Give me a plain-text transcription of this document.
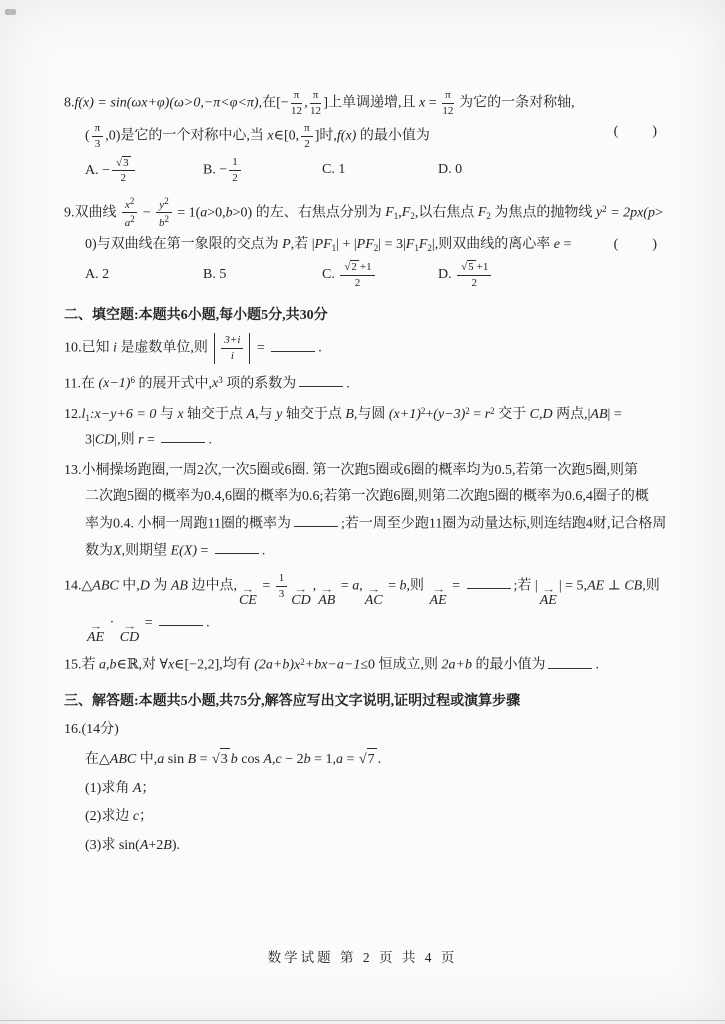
8.f(x) = sin(ωx+φ)(ω>0,−π<φ<π),在[− $\frac{\pi}{12}$ , $\frac{\pi}{12}$ ]上单调递增,且 $x = \frac{\pi}{12}$ 为它的一条对称轴,
( $\frac{\pi}{3} ,0$)是它的一个对称中心,当 x∈[0, $\frac{\pi}{2}$ ]时,f(x) 的最小值为	(　　)
A. − $\frac{√3}{2}$	B. − $\frac{1}{2}$	C. 1	D. 0
9.双曲线 $\frac{x^2}{a^2} - \frac{y^2}{b^2} = 1(a>0,b>0)$ 的左、右焦点分别为 $F_1,F_2$,以右焦点 $F_2$ 为焦点的抛物线 $y^2 = 2px(p>$
0)与双曲线在第一象限的交点为 P,若 $|PF_1| + |PF_2| = 3|F_1F_2|$,则双曲线的离心率 e =	(　　)
A. 2	B. 5	C. $\frac{√2 +1}{2}$	D. $\frac{√5 +1}{2}$
二、填空题:本题共6小题,每小题5分,共30分
10.已知 i 是虚数单位,则 $\frac{3+i}{i}$ =	.
11.在 $(x-1)^6$ 的展开式中$,x^3$ 项的系数为	.
$12.l_1:x-y+6 = 0$ 与 x 轴交于点 A,与 y 轴交于点 B,与圆 $(x+1)^2+(y-3)^2 = r^2$ 交于 C,D 两点,|AB| =
3|CD|,则 r =	.
13.小桐操场跑圈,一周2次,一次5圈或6圈. 第一次跑5圈或6圈的概率均为0.5,若第一次跑5圈,则第
二次跑5圈的概率为0.4,6圈的概率为0.6;若第一次跑6圈,则第二次跑5圈的概率为0.6,4圈子的概
率为0.4. 小桐一周跑11圈的概率为	;若一周至少跑11圈为动量达标,则连结跑4财,记合格周
数为X,则期望 E(X) =	.
14.△ABC 中,D 为 AB 边中点, →
CE
= $\frac{1}{3}$ →
CD
, →
AB
= a, →
AC
= b,则 →
AE
=	;若 | →
AE
| = 5,AE ⊥ CB,则
→
AE
· →
CD
=	.
15.若 a,b∈ℝ,对 ∀x∈[−2,2],均有 $(2a+b)x^2+bx-a-1\le 0$ 恒成立,则 2a+b 的最小值为	.
三、解答题:本题共5小题,共75分,解答应写出文字说明,证明过程或演算步骤
16.(14分)
在△ABC 中,a sin B = √3 b cos A,c − 2b = 1,a = √7 .
(1)求角 A；
(2)求边 c；
(3)求 sin(A+2B).
数学试题 第 2 页 共 4 页
